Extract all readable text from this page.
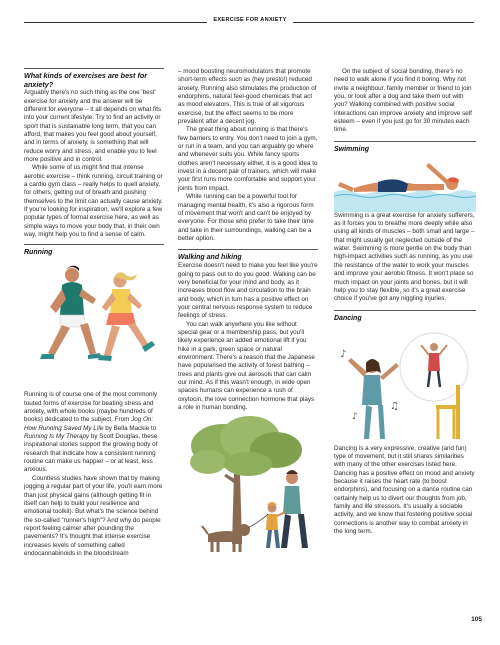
EXERCISE FOR ANXIETY
What kinds of exercises are best for anxiety?

Arguably there's no such thing as the one 'best' exercise for anxiety and the answer will be different for everyone – it all depends on what fits into your current lifestyle. Try to find an activity or sport that is sustainable long term, that you can afford, that makes you feel good about yourself, and in terms of anxiety, is something that will reduce worry and stress, and enable you to feel more positive and in control.

While some of us might find that intense aerobic exercise – think running, circuit training or a cardio gym class – really helps to quell anxiety, for others, getting out of breath and pushing themselves to the limit can actually cause anxiety. If you're looking for inspiration, we'll explore a few popular types of formal exercise here, as well as simple ways to move your body that, in their own way, might help you to find a sense of calm.

Running

Running is of course one of the most commonly touted forms of exercise for beating stress and anxiety, with whole books (maybe hundreds of books) dedicated to the subject. From Jog On: How Running Saved My Life by Bella Mackie to Running Is My Therapy by Scott Douglas, these inspirational stories support the growing body of research that indicate how a consistent running routine can make us happier – or at least, less anxious.

Countless studies have shown that by making jogging a regular part of your life, you'll earn more than just physical gains (although getting fit in itself can help to build your resilience and emotional toolkit). But what's the science behind the so-called "runner's high"? And why do people report feeling calmer after pounding the pavements? It's thought that intense exercise increases levels of something called endocannabinoids in the bloodstream

– mood boosting neuromodulators that promote short-term effects such as (hey presto!) reduced anxiety. Running also stimulates the production of endorphins, natural feel-good chemicals that act as mood elevators. This is true of all vigorous exercise, but the effect seems to be more prevalent after a decent jog.

The great thing about running is that there's few barriers to entry. You don't need to join a gym, or run in a team, and you can arguably go where and whenever suits you. While fancy sports clothes aren't necessary either, it is a good idea to invest in a decent pair of trainers, which will make your first runs more comfortable and support your joints from impact.

While running can be a powerful tool for managing mental health, it's also a rigorous form of movement that won't and can't be enjoyed by everyone. For those who prefer to take their time and take in their surroundings, walking can be a better option.

Walking and hiking

Exercise doesn't need to make you feel like you're going to pass out to do you good. Walking can be very beneficial for your mind and body, as it increases blood flow and circulation to the brain and body, which in turn has a positive effect on your central nervous response system to reduce feelings of stress.

You can walk anywhere you like without special gear or a membership pass, but you'll likely experience an added emotional lift if you hike in a park, green space or natural environment. There's a reason that the Japanese have popularised the activity of forest bathing – trees and plants give out aerosols that can calm our mind. As if this wasn't enough, in wide open spaces humans can experience a rush of oxytocin, the love connection hormone that plays a role in human bonding.

On the subject of social bonding, there's no need to walk alone if you find it boring. Why not invite a neighbour, family member or friend to join you, or look after a dog and take them out with you? Walking combined with positive social interactions can improve anxiety and improve self esteem – even if you just go for 30 minutes each time.

Swimming

Swimming is a great exercise for anxiety sufferers, as it forces you to breathe more deeply while also using all kinds of muscles – both small and large – that might usually get neglected outside of the water. Swimming is more gentle on the body than high-impact activities such as running, as you use the resistance of the water to work your muscles and improve your aerobic fitness. It won't place so much impact on your joints and bones, but it will help you to stay flexible, so it's a great exercise choice if you've got any niggling injuries.

Dancing
♪
♫
♪

Dancing is a very expressive, creative (and fun) type of movement, but it still shares similarities with many of the other exercises listed here. Dancing has a positive effect on mood and anxiety because it raises the heart rate (to boost endorphins), and focusing on a dance routine can certainly help us to divert our thoughts from job, family and life stressors. It's usually a sociable activity, and we know that fostering positive social connections is another way to combat anxiety in the long term.

105
